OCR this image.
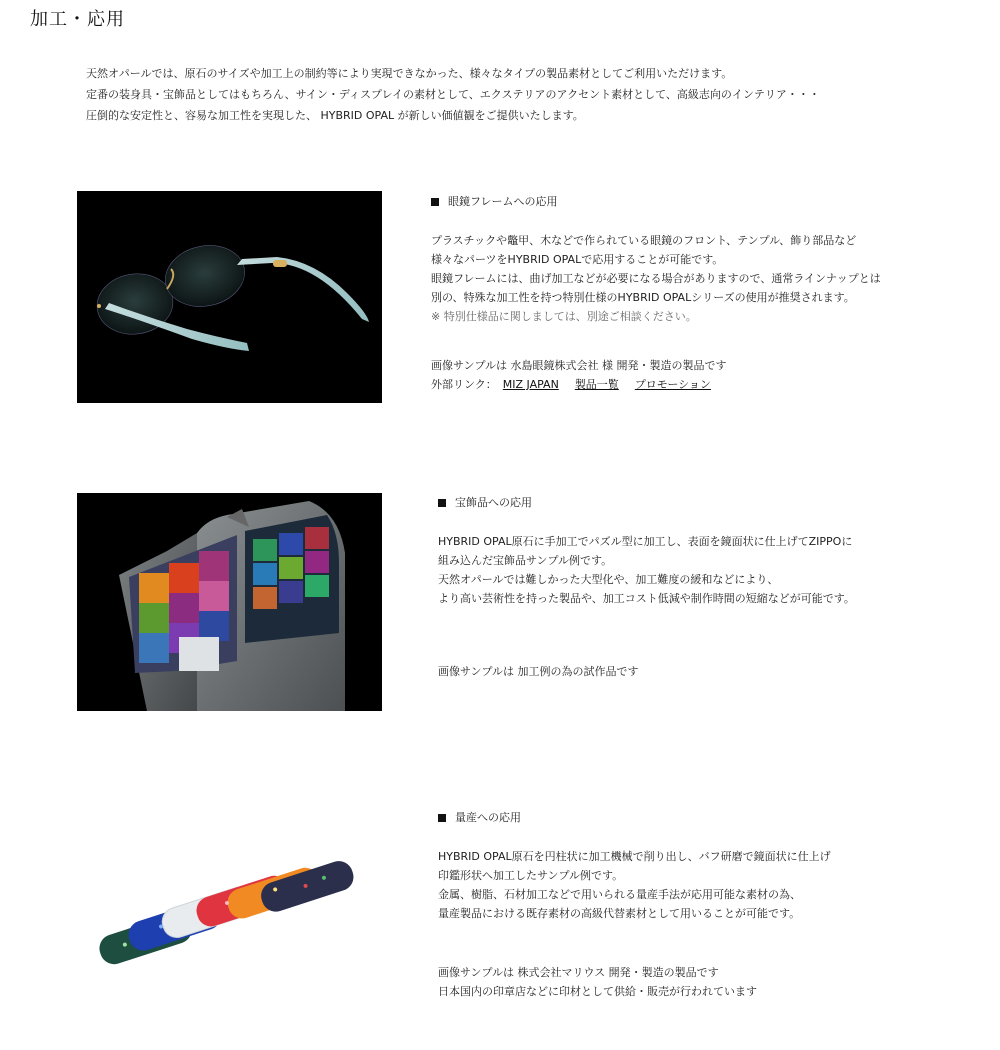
加工・応用

天然オパールでは、原石のサイズや加工上の制約等により実現できなかった、様々なタイプの製品素材としてご利用いただけます。

定番の装身具・宝飾品としてはもちろん、サイン・ディスプレイの素材として、エクステリアのアクセント素材として、高級志向のインテリア・・・

圧倒的な安定性と、容易な加工性を実現した、 HYBRID OPAL が新しい価値観をご提供いたします。

眼鏡フレームへの応用

プラスチックや鼈甲、木などで作られている眼鏡のフロント、テンプル、飾り部品など

様々なパーツをHYBRID OPALで応用することが可能です。

眼鏡フレームには、曲げ加工などが必要になる場合がありますので、通常ラインナップとは

別の、特殊な加工性を持つ特別仕様のHYBRID OPALシリーズの使用が推奨されます。

※ 特別仕様品に関しましては、別途ご相談ください。

画像サンプルは 水島眼鏡株式会社 様 開発・製造の製品です

外部リンク： MIZ JAPAN 製品一覧 プロモーション

宝飾品への応用

HYBRID OPAL原石に手加工でパズル型に加工し、表面を鏡面状に仕上げてZIPPOに

組み込んだ宝飾品サンプル例です。

天然オパールでは難しかった大型化や、加工難度の緩和などにより、

より高い芸術性を持った製品や、加工コスト低減や制作時間の短縮などが可能です。

画像サンプルは 加工例の為の試作品です

量産への応用

HYBRID OPAL原石を円柱状に加工機械で削り出し、バフ研磨で鏡面状に仕上げ

印鑑形状へ加工したサンプル例です。

金属、樹脂、石材加工などで用いられる量産手法が応用可能な素材の為、

量産製品における既存素材の高級代替素材として用いることが可能です。

画像サンプルは 株式会社マリウス 開発・製造の製品です

日本国内の印章店などに印材として供給・販売が行われています
